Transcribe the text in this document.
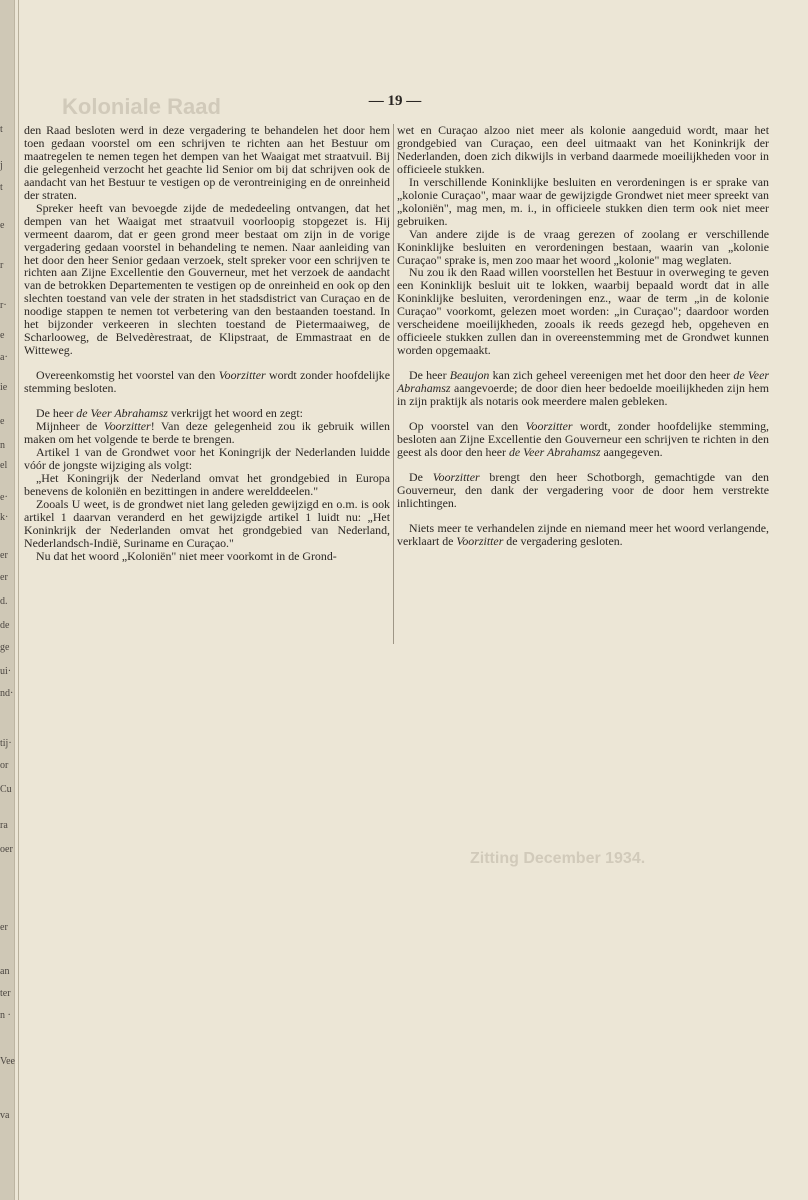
t
j
t
e
r
r·
e
a·
ie
e
n
el
e·
k·
er
er
d.
de
ge
ui·
nd·
tij·
or
Cu
ra
oer
er
an
ter
n ·
Vee
va
Koloniale Raad
Zitting December 1934.
— 19 —

den Raad besloten werd in deze vergadering te behandelen het door hem toen gedaan voorstel om een schrijven te richten aan het Bestuur om maatregelen te nemen tegen het dempen van het Waaigat met straatvuil. Bij die gelegenheid verzocht het geachte lid Senior om bij dat schrijven ook de aandacht van het Bestuur te vestigen op de verontreiniging en de onreinheid der straten.

Spreker heeft van bevoegde zijde de mededeeling ontvangen, dat het dempen van het Waaigat met straatvuil voorloopig stopgezet is. Hij vermeent daarom, dat er geen grond meer bestaat om zijn in de vorige vergadering gedaan voorstel in behandeling te nemen. Naar aanleiding van het door den heer Senior gedaan verzoek, stelt spreker voor een schrijven te richten aan Zijne Excellentie den Gouverneur, met het verzoek de aandacht van de betrokken Departementen te vestigen op de onreinheid en ook op den slechten toestand van vele der straten in het stadsdistrict van Curaçao en de noodige stappen te nemen tot verbetering van den bestaanden toestand. In het bijzonder verkeeren in slechten toestand de Pietermaaiweg, de Scharlooweg, de Belvedèrestraat, de Klipstraat, de Emmastraat en de Witteweg.

Overeenkomstig het voorstel van den Voorzitter wordt zonder hoofdelijke stemming besloten.

De heer de Veer Abrahamsz verkrijgt het woord en zegt:

Mijnheer de Voorzitter! Van deze gelegenheid zou ik gebruik willen maken om het volgende te berde te brengen.

Artikel 1 van de Grondwet voor het Koningrijk der Nederlanden luidde vóór de jongste wijziging als volgt:

„Het Koningrijk der Nederland omvat het grondgebied in Europa benevens de koloniën en bezittingen in andere werelddeelen."

Zooals U weet, is de grondwet niet lang geleden gewijzigd en o.m. is ook artikel 1 daarvan veranderd en het gewijzigde artikel 1 luidt nu: „Het Koninkrijk der Nederlanden omvat het grondgebied van Nederland, Nederlandsch-Indië, Suriname en Curaçao."

Nu dat het woord „Koloniën" niet meer voorkomt in de Grond-

wet en Curaçao alzoo niet meer als kolonie aangeduid wordt, maar het grondgebied van Curaçao, een deel uitmaakt van het Koninkrijk der Nederlanden, doen zich dikwijls in verband daarmede moeilijkheden voor in officieele stukken.

In verschillende Koninklijke besluiten en verordeningen is er sprake van „kolonie Curaçao", maar waar de gewijzigde Grondwet niet meer spreekt van „koloniën", mag men, m. i., in officieele stukken dien term ook niet meer gebruiken.

Van andere zijde is de vraag gerezen of zoolang er verschillende Koninklijke besluiten en verordeningen bestaan, waarin van „kolonie Curaçao" sprake is, men zoo maar het woord „kolonie" mag weglaten.

Nu zou ik den Raad willen voorstellen het Bestuur in overweging te geven een Koninklijk besluit uit te lokken, waarbij bepaald wordt dat in alle Koninklijke besluiten, verordeningen enz., waar de term „in de kolonie Curaçao" voorkomt, gelezen moet worden: „in Curaçao"; daardoor worden verscheidene moeilijkheden, zooals ik reeds gezegd heb, opgeheven en officieele stukken zullen dan in overeenstemming met de Grondwet kunnen worden opgemaakt.

De heer Beaujon kan zich geheel vereenigen met het door den heer de Veer Abrahamsz aangevoerde; de door dien heer bedoelde moeilijkheden zijn hem in zijn praktijk als notaris ook meerdere malen gebleken.

Op voorstel van den Voorzitter wordt, zonder hoofdelijke stemming, besloten aan Zijne Excellentie den Gouverneur een schrijven te richten in den geest als door den heer de Veer Abrahamsz aangegeven.

De Voorzitter brengt den heer Schotborgh, gemachtigde van den Gouverneur, den dank der vergadering voor de door hem verstrekte inlichtingen.

Niets meer te verhandelen zijnde en niemand meer het woord verlangende, verklaart de Voorzitter de vergadering gesloten.
